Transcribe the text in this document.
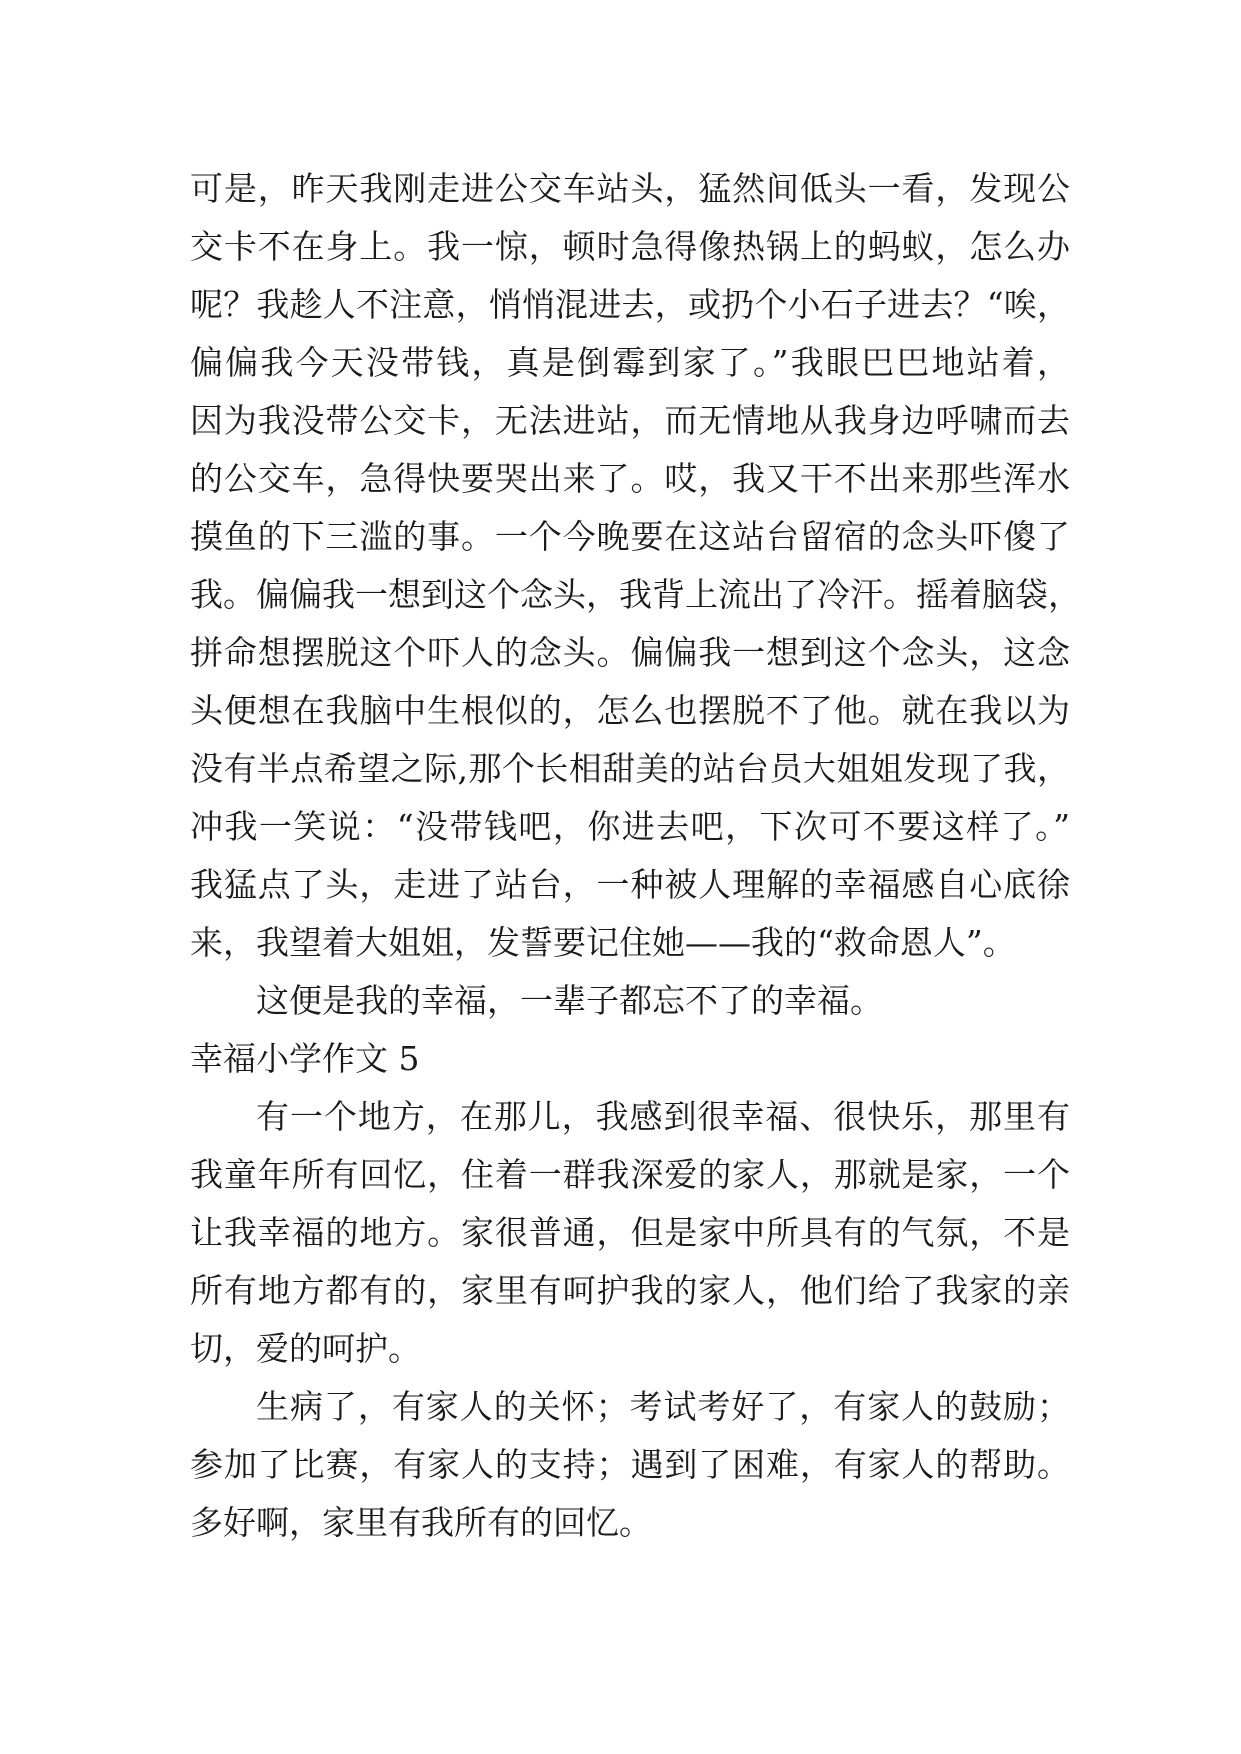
可是，昨天我刚走进公交车站头，猛然间低头一看，发现公
交卡不在身上。我一惊，顿时急得像热锅上的蚂蚁，怎么办
呢？我趁人不注意，悄悄混进去，或扔个小石子进去？“唉，
偏偏我今天没带钱，真是倒霉到家了。”我眼巴巴地站着，
因为我没带公交卡，无法进站，而无情地从我身边呼啸而去
的公交车，急得快要哭出来了。哎，我又干不出来那些浑水
摸鱼的下三滥的事。一个今晚要在这站台留宿的念头吓傻了
我。偏偏我一想到这个念头，我背上流出了冷汗。摇着脑袋，
拼命想摆脱这个吓人的念头。偏偏我一想到这个念头，这念
头便想在我脑中生根似的，怎么也摆脱不了他。就在我以为
没有半点希望之际,那个长相甜美的站台员大姐姐发现了我，
冲我一笑说：“没带钱吧，你进去吧，下次可不要这样了。”
我猛点了头，走进了站台，一种被人理解的幸福感自心底徐
来，我望着大姐姐，发誓要记住她——我的“救命恩人”。
这便是我的幸福，一辈子都忘不了的幸福。
幸福小学作文 5
有一个地方，在那儿，我感到很幸福、很快乐，那里有
我童年所有回忆，住着一群我深爱的家人，那就是家，一个
让我幸福的地方。家很普通，但是家中所具有的气氛，不是
所有地方都有的，家里有呵护我的家人，他们给了我家的亲
切，爱的呵护。
生病了，有家人的关怀；考试考好了，有家人的鼓励；
参加了比赛，有家人的支持；遇到了困难，有家人的帮助。
多好啊，家里有我所有的回忆。
